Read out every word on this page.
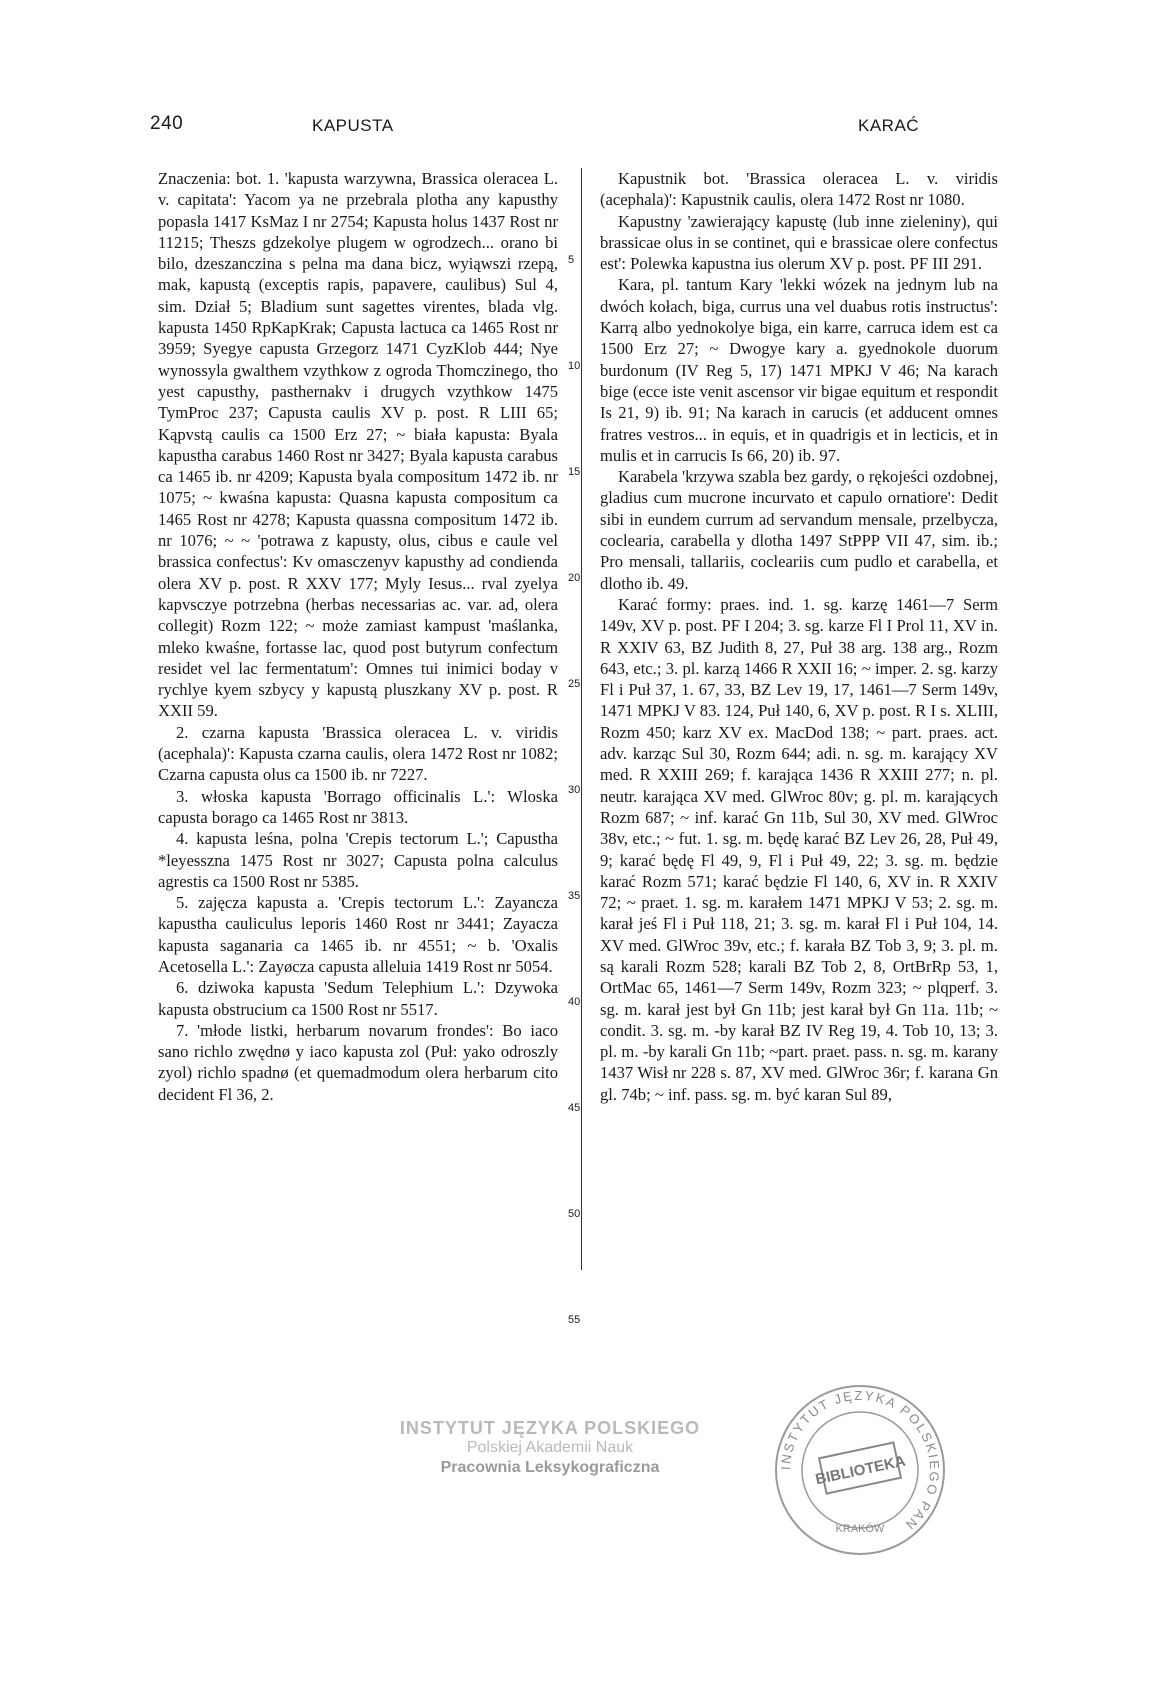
240	KAPUSTA	KARAĆ

Znaczenia: bot. 1. 'kapusta warzywna, Brassica oleracea L. v. capitata': Yacom ya ne przebrala plotha any kapusthy popasla 1417 KsMaz I nr 2754; Kapusta holus 1437 Rost nr 11215; Theszs gdzekolye plugem w ogrodzech... orano bi bilo, dzeszanczina s pelna ma dana bicz, wyiąwszi rzepą, mak, kapustą (exceptis rapis, papavere, caulibus) Sul 4, sim. Dział 5; Bladium sunt sagettes virentes, blada vlg. kapusta 1450 RpKapKrak; Capusta lactuca ca 1465 Rost nr 3959; Syegye capusta Grzegorz 1471 CyzKlob 444; Nye wynossyla gwalthem vzythkow z ogroda Thomczinego, tho yest capusthy, pasthernakv i drugych vzythkow 1475 TymProc 237; Capusta caulis XV p. post. R LIII 65; Kąpvstą caulis ca 1500 Erz 27; ~ biała kapusta: Byala kapustha carabus 1460 Rost nr 3427; Byala kapusta carabus ca 1465 ib. nr 4209; Kapusta byala compositum 1472 ib. nr 1075; ~ kwaśna kapusta: Quasna kapusta compositum ca 1465 Rost nr 4278; Kapusta quassna compositum 1472 ib. nr 1076; ~ ~ 'potrawa z kapusty, olus, cibus e caule vel brassica confectus': Kv omasczenyv kapusthy ad condienda olera XV p. post. R XXV 177; Myly Iesus... rval zyelya kapvsczye potrzebna (herbas necessarias ac. var. ad, olera collegit) Rozm 122; ~ może zamiast kampust 'maślanka, mleko kwaśne, fortasse lac, quod post butyrum confectum residet vel lac fermentatum': Omnes tui inimici boday v rychlye kyem szbycy y kapustą pluszkany XV p. post. R XXII 59.

2. czarna kapusta 'Brassica oleracea L. v. viridis (acephala)': Kapusta czarna caulis, olera 1472 Rost nr 1082; Czarna capusta olus ca 1500 ib. nr 7227.

3. włoska kapusta 'Borrago officinalis L.': Wloska capusta borago ca 1465 Rost nr 3813.

4. kapusta leśna, polna 'Crepis tectorum L.'; Capustha *leyesszna 1475 Rost nr 3027; Capusta polna calculus agrestis ca 1500 Rost nr 5385.

5. zajęcza kapusta a. 'Crepis tectorum L.': Zayancza kapustha cauliculus leporis 1460 Rost nr 3441; Zayacza kapusta saganaria ca 1465 ib. nr 4551; ~ b. 'Oxalis Acetosella L.': Zayøcza capusta alleluia 1419 Rost nr 5054.

6. dziwoka kapusta 'Sedum Telephium L.': Dzywoka kapusta obstrucium ca 1500 Rost nr 5517.

7. 'młode listki, herbarum novarum frondes': Bo iaco sano richlo zwędnø y iaco kapusta zol (Puł: yako odroszly zyol) richlo spadnø (et quemadmodum olera herbarum cito decident Fl 36, 2.

5
10
15
20
25
30
35
40
45
50
55

Kapustnik bot. 'Brassica oleracea L. v. viridis (acephala)': Kapustnik caulis, olera 1472 Rost nr 1080.

Kapustny 'zawierający kapustę (lub inne zieleniny), qui brassicae olus in se continet, qui e brassicae olere confectus est': Polewka kapustna ius olerum XV p. post. PF III 291.

Kara, pl. tantum Kary 'lekki wózek na jednym lub na dwóch kołach, biga, currus una vel duabus rotis instructus': Karrą albo yednokolye biga, ein karre, carruca idem est ca 1500 Erz 27; ~ Dwogye kary a. gyednokole duorum burdonum (IV Reg 5, 17) 1471 MPKJ V 46; Na karach bige (ecce iste venit ascensor vir bigae equitum et respondit Is 21, 9) ib. 91; Na karach in carucis (et adducent omnes fratres vestros... in equis, et in quadrigis et in lecticis, et in mulis et in carrucis Is 66, 20) ib. 97.

Karabela 'krzywa szabla bez gardy, o rękojeści ozdobnej, gladius cum mucrone incurvato et capulo ornatiore': Dedit sibi in eundem currum ad servandum mensale, przelbycza, coclearia, carabella y dlotha 1497 StPPP VII 47, sim. ib.; Pro mensali, tallariis, cocleariis cum pudlo et carabella, et dlotho ib. 49.

Karać formy: praes. ind. 1. sg. karzę 1461—7 Serm 149v, XV p. post. PF I 204; 3. sg. karze Fl I Prol 11, XV in. R XXIV 63, BZ Judith 8, 27, Puł 38 arg. 138 arg., Rozm 643, etc.; 3. pl. karzą 1466 R XXII 16; ~ imper. 2. sg. karzy Fl i Puł 37, 1. 67, 33, BZ Lev 19, 17, 1461—7 Serm 149v, 1471 MPKJ V 83. 124, Puł 140, 6, XV p. post. R I s. XLIII, Rozm 450; karz XV ex. MacDod 138; ~ part. praes. act. adv. karząc Sul 30, Rozm 644; adi. n. sg. m. karający XV med. R XXIII 269; f. karająca 1436 R XXIII 277; n. pl. neutr. karająca XV med. GlWroc 80v; g. pl. m. karających Rozm 687; ~ inf. karać Gn 11b, Sul 30, XV med. GlWroc 38v, etc.; ~ fut. 1. sg. m. będę karać BZ Lev 26, 28, Puł 49, 9; karać będę Fl 49, 9, Fl i Puł 49, 22; 3. sg. m. będzie karać Rozm 571; karać będzie Fl 140, 6, XV in. R XXIV 72; ~ praet. 1. sg. m. karałem 1471 MPKJ V 53; 2. sg. m. karał jeś Fl i Puł 118, 21; 3. sg. m. karał Fl i Puł 104, 14. XV med. GlWroc 39v, etc.; f. karała BZ Tob 3, 9; 3. pl. m. są karali Rozm 528; karali BZ Tob 2, 8, OrtBrRp 53, 1, OrtMac 65, 1461—7 Serm 149v, Rozm 323; ~ plqperf. 3. sg. m. karał jest był Gn 11b; jest karał był Gn 11a. 11b; ~ condit. 3. sg. m. -by karał BZ IV Reg 19, 4. Tob 10, 13; 3. pl. m. -by karali Gn 11b; ~part. praet. pass. n. sg. m. karany 1437 Wisł nr 228 s. 87, XV med. GlWroc 36r; f. karana Gn gl. 74b; ~ inf. pass. sg. m. być karan Sul 89,

INSTYTUT JĘZYKA POLSKIEGO
Polskiej Akademii Nauk
Pracownia Leksykograficzna	INSTYTUT JĘZYKA POLSKIEGO PAN
BIBLIOTEKA
KRAKÓW
